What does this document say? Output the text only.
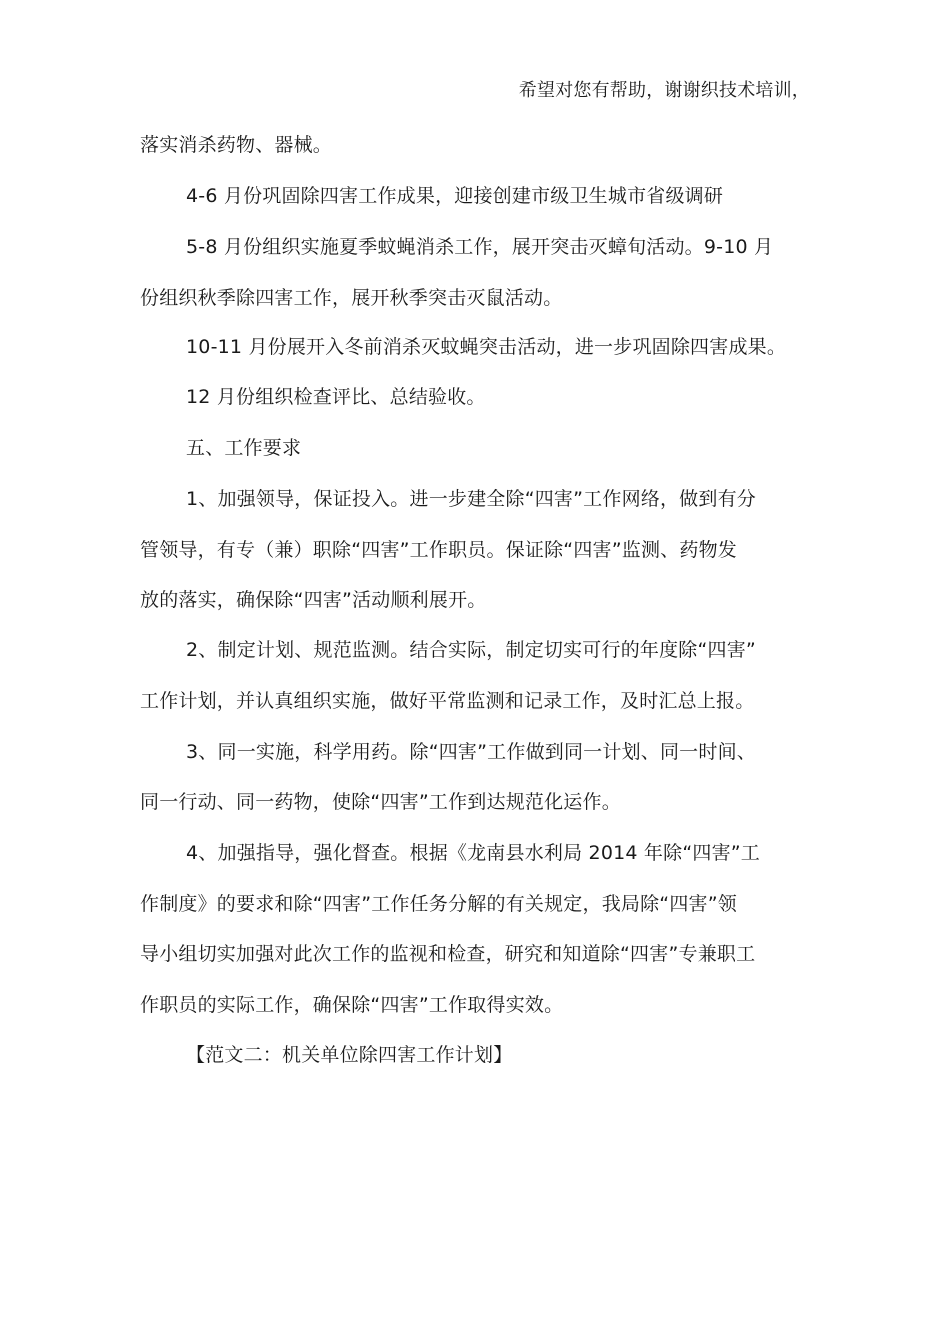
希望对您有帮助，谢谢织技术培训，
落实消杀药物、器械。
4-6 月份巩固除四害工作成果，迎接创建市级卫生城市省级调研
5-8 月份组织实施夏季蚊蝇消杀工作，展开突击灭蟑旬活动。9-10 月
份组织秋季除四害工作，展开秋季突击灭鼠活动。
10-11 月份展开入冬前消杀灭蚊蝇突击活动，进一步巩固除四害成果。
12 月份组织检查评比、总结验收。
五、工作要求
1、加强领导，保证投入。进一步建全除“四害”工作网络，做到有分
管领导，有专（兼）职除“四害”工作职员。保证除“四害”监测、药物发
放的落实，确保除“四害”活动顺利展开。
2、制定计划、规范监测。结合实际，制定切实可行的年度除“四害”
工作计划，并认真组织实施，做好平常监测和记录工作，及时汇总上报。
3、同一实施，科学用药。除“四害”工作做到同一计划、同一时间、
同一行动、同一药物，使除“四害”工作到达规范化运作。
4、加强指导，强化督查。根据《龙南县水利局 2014 年除“四害”工
作制度》的要求和除“四害”工作任务分解的有关规定，我局除“四害”领
导小组切实加强对此次工作的监视和检查，研究和知道除“四害”专兼职工
作职员的实际工作，确保除“四害”工作取得实效。
【范文二：机关单位除四害工作计划】
